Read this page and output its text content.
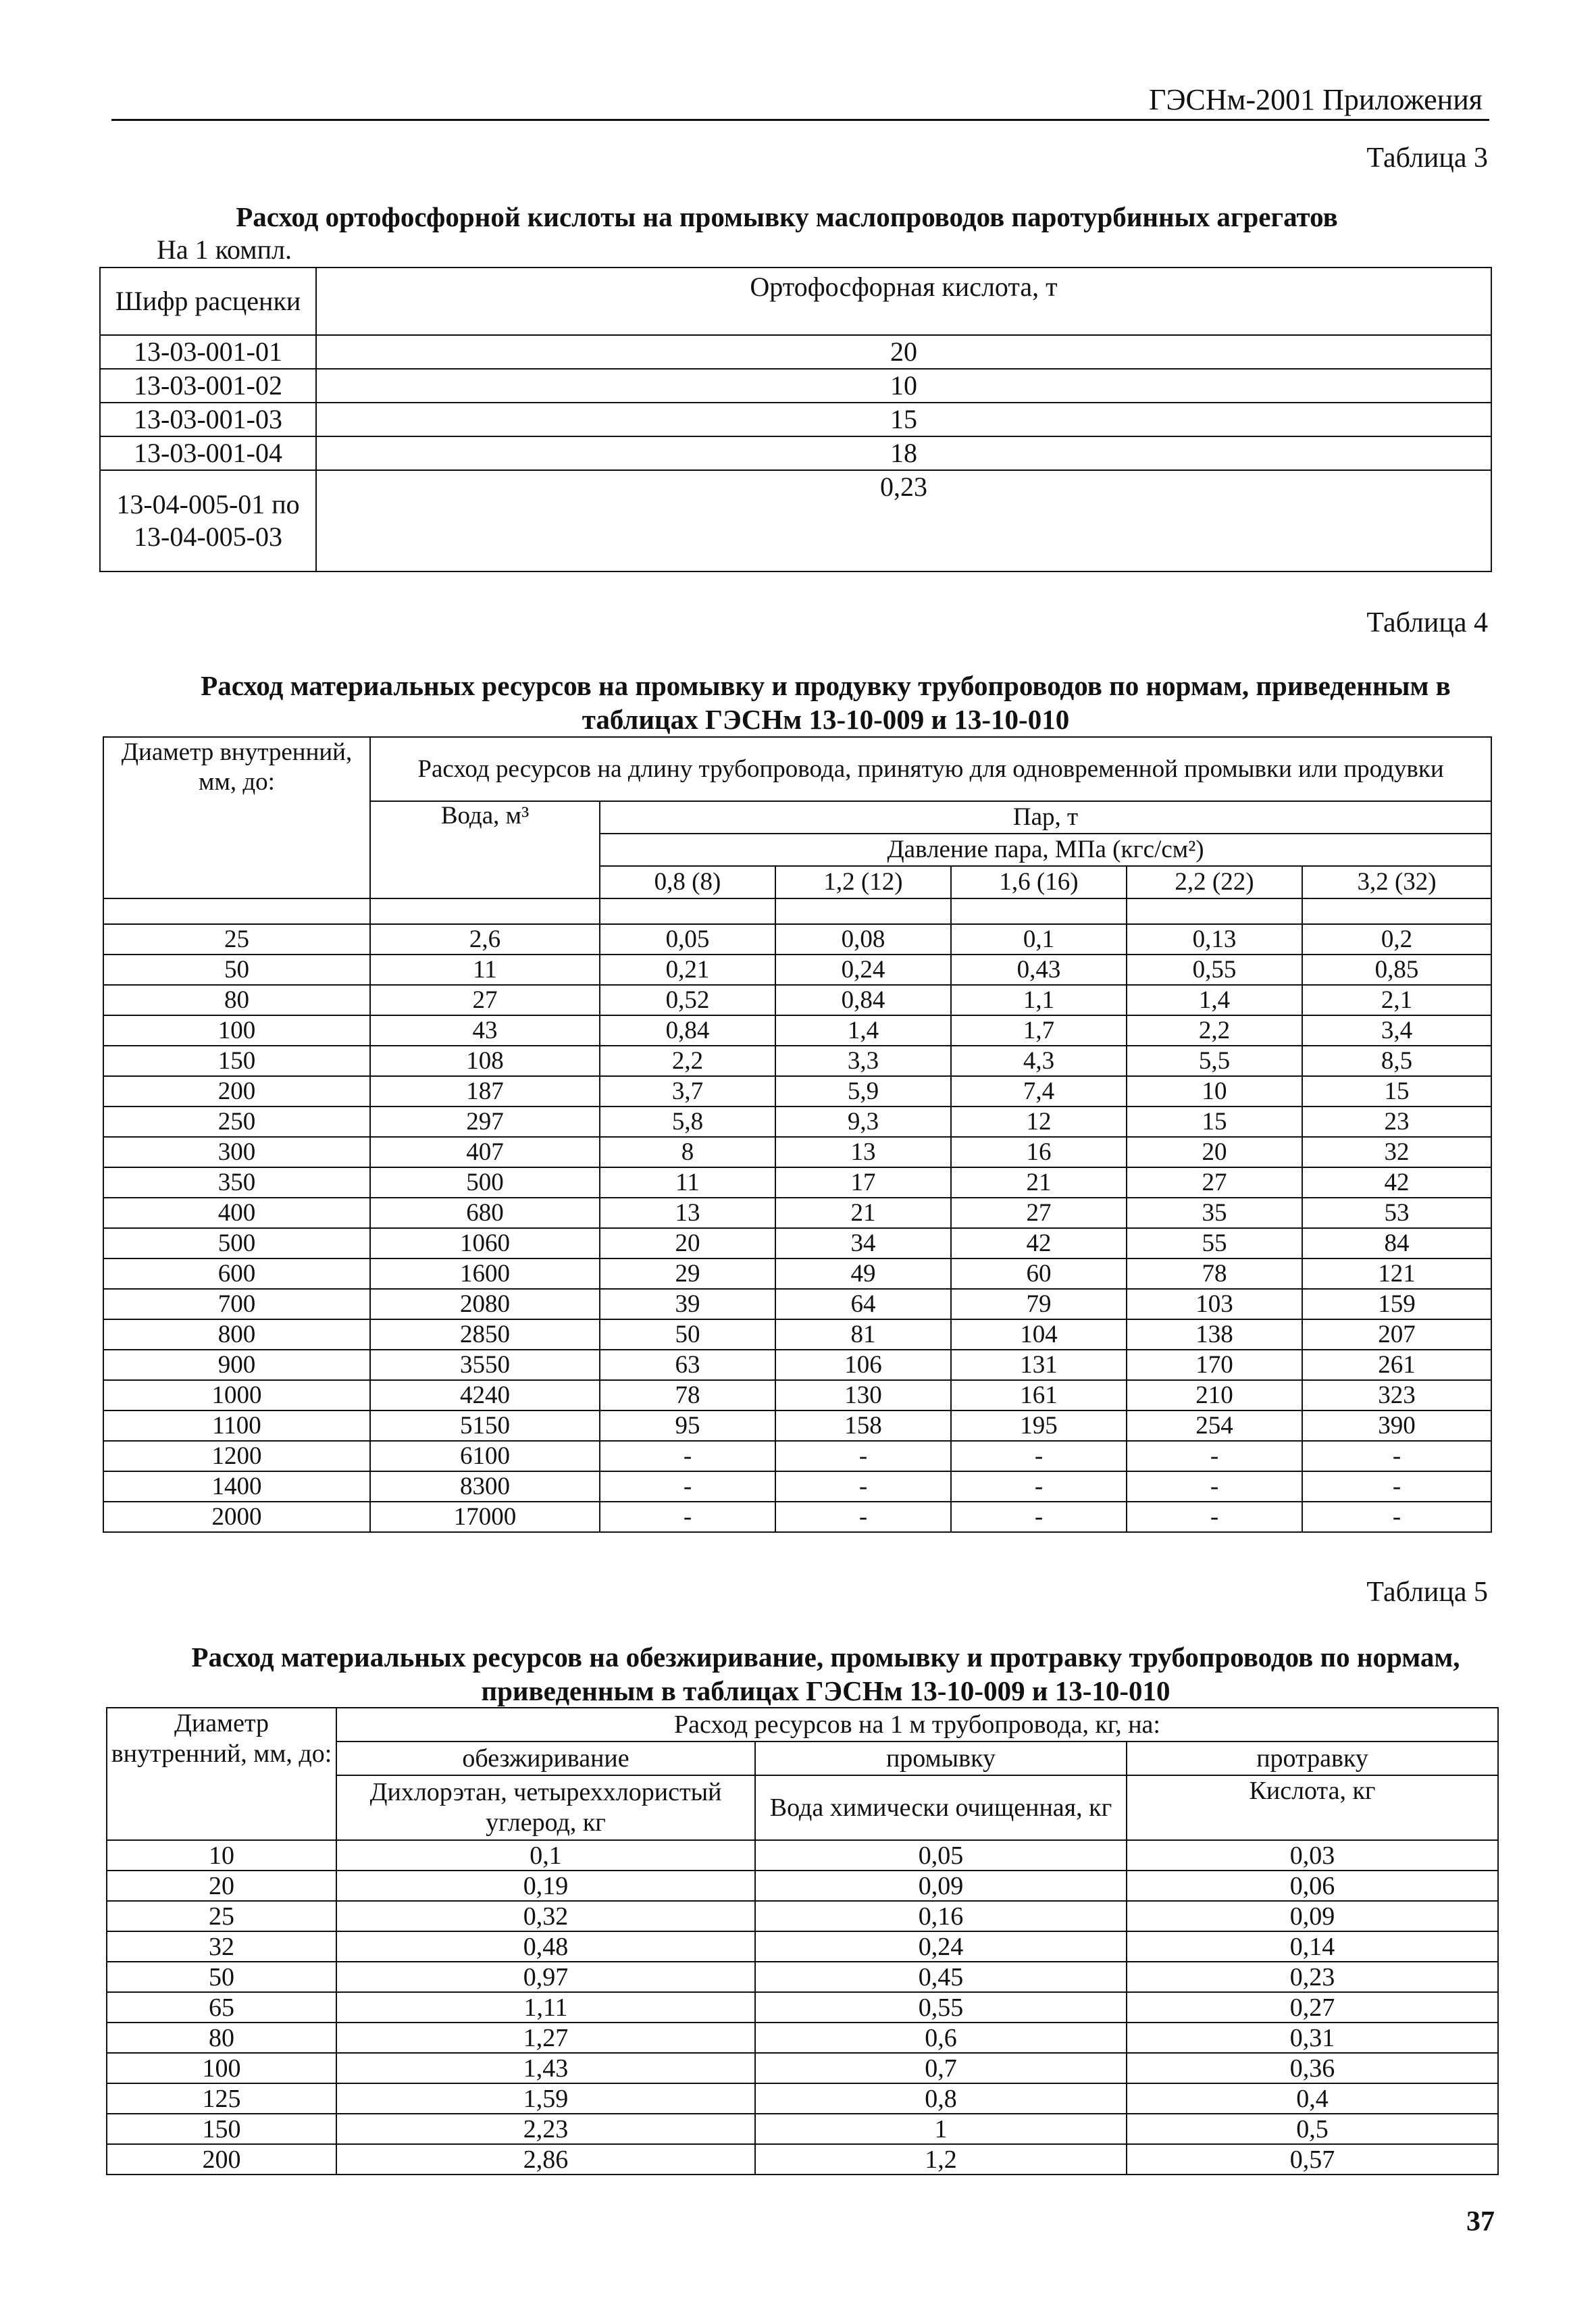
ГЭСНм-2001 Приложения
Таблица 3
Расход ортофосфорной кислоты на промывку маслопроводов паротурбинных агрегатов
На 1 компл.
Шифр расценки	Ортофосфорная кислота, т
13-03-001-01	20
13-03-001-02	10
13-03-001-03	15
13-03-001-04	18
13-04-005-01 по 13-04-005-03	0,23
Таблица 4
Расход материальных ресурсов на промывку и продувку трубопроводов по нормам, приведенным в таблицах ГЭСНм 13-10-009 и 13-10-010
Диаметр внутренний, мм, до:	Расход ресурсов на длину трубопровода, принятую для одновременной промывки или продувки					
	Вода, м³	Пар, т				
		Давление пара, МПа (кгс/см²)				
		0,8 (8)	1,2 (12)	1,6 (16)	2,2 (22)	3,2 (32)

25	2,6	0,05	0,08	0,1	0,13	0,2
50	11	0,21	0,24	0,43	0,55	0,85
80	27	0,52	0,84	1,1	1,4	2,1
100	43	0,84	1,4	1,7	2,2	3,4
150	108	2,2	3,3	4,3	5,5	8,5
200	187	3,7	5,9	7,4	10	15
250	297	5,8	9,3	12	15	23
300	407	8	13	16	20	32
350	500	11	17	21	27	42
400	680	13	21	27	35	53
500	1060	20	34	42	55	84
600	1600	29	49	60	78	121
700	2080	39	64	79	103	159
800	2850	50	81	104	138	207
900	3550	63	106	131	170	261
1000	4240	78	130	161	210	323
1100	5150	95	158	195	254	390
1200	6100	-	-	-	-	-
1400	8300	-	-	-	-	-
2000	17000	-	-	-	-	-
Таблица 5
Расход материальных ресурсов на обезжиривание, промывку и протравку трубопроводов по нормам, приведенным в таблицах ГЭСНм 13-10-009 и 13-10-010
Диаметр внутренний, мм, до:	Расход ресурсов на 1 м трубопровода, кг, на:		
	обезжиривание	промывку	протравку
	Дихлорэтан, четыреххлористый углерод, кг	Вода химически очищенная, кг	Кислота, кг
10	0,1	0,05	0,03
20	0,19	0,09	0,06
25	0,32	0,16	0,09
32	0,48	0,24	0,14
50	0,97	0,45	0,23
65	1,11	0,55	0,27
80	1,27	0,6	0,31
100	1,43	0,7	0,36
125	1,59	0,8	0,4
150	2,23	1	0,5
200	2,86	1,2	0,57
37
